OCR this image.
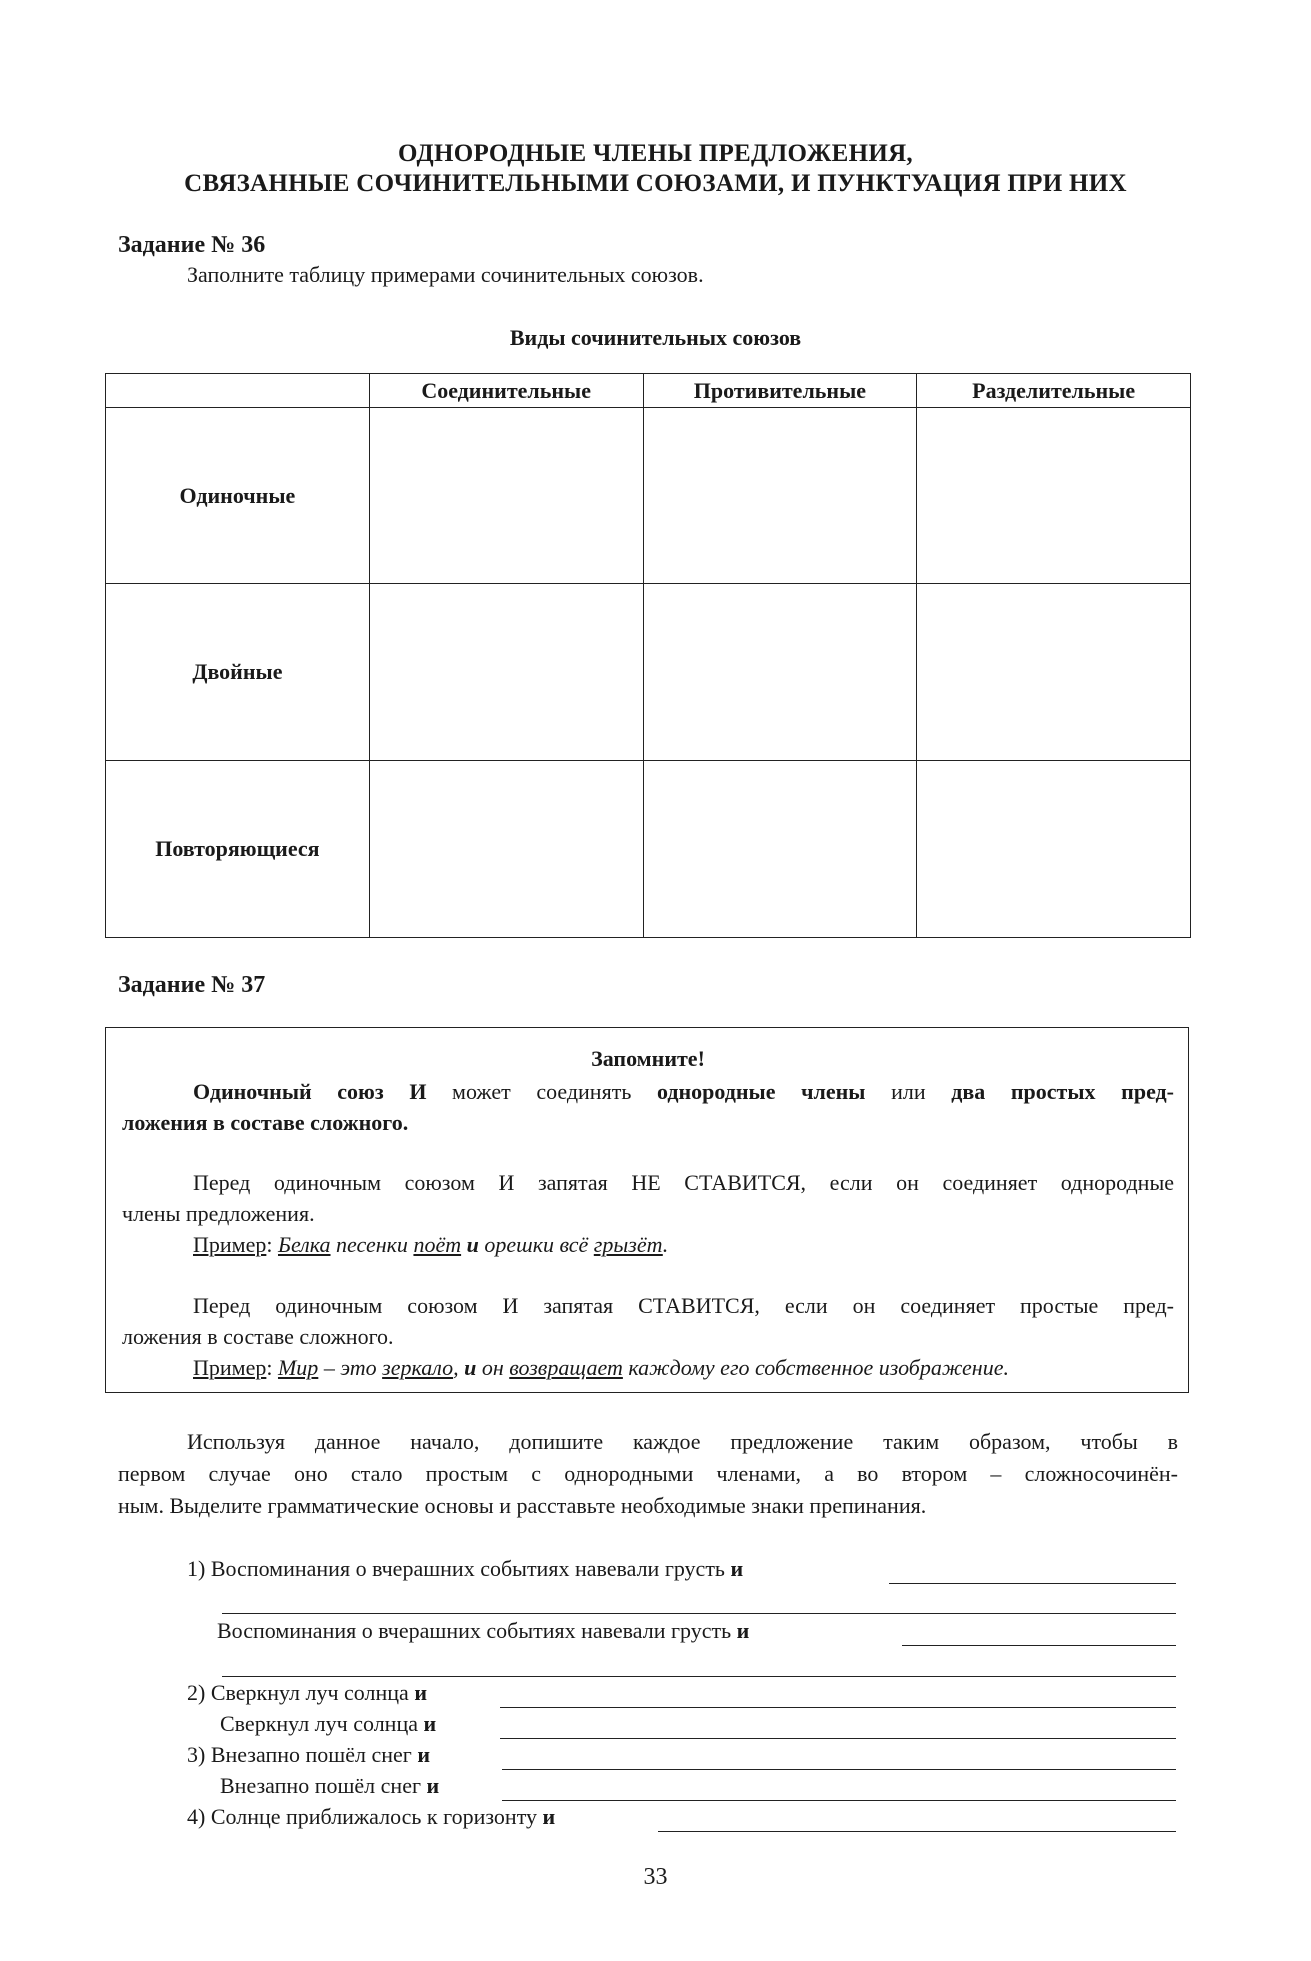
ОДНОРОДНЫЕ ЧЛЕНЫ ПРЕДЛОЖЕНИЯ,
СВЯЗАННЫЕ СОЧИНИТЕЛЬНЫМИ СОЮЗАМИ, И ПУНКТУАЦИЯ ПРИ НИХ
Задание № 36
Заполните таблицу примерами сочинительных союзов.
Виды сочинительных союзов
	Соединительные	Противительные	Разделительные
Одиночные			
Двойные			
Повторяющиеся			
Задание № 37
Запомните!
Одиночный союз И может соединять однородные члены или два простых пред-
ложения в составе сложного.
Перед одиночным союзом И запятая НЕ СТАВИТСЯ, если он соединяет однородные
члены предложения.
Пример: Белка песенки поёт и орешки всё грызёт.
Перед одиночным союзом И запятая СТАВИТСЯ, если он соединяет простые пред-
ложения в составе сложного.
Пример: Мир – это зеркало, и он возвращает каждому его собственное изображение.
Используя данное начало, допишите каждое предложение таким образом, чтобы в
первом случае оно стало простым с однородными членами, а во втором – сложносочинён-
ным. Выделите грамматические основы и расставьте необходимые знаки препинания.
1) Воспоминания о вчерашних событиях навевали грусть и
Воспоминания о вчерашних событиях навевали грусть и
2) Сверкнул луч солнца и
Сверкнул луч солнца и
3) Внезапно пошёл снег и
Внезапно пошёл снег и
4) Солнце приближалось к горизонту и
33
